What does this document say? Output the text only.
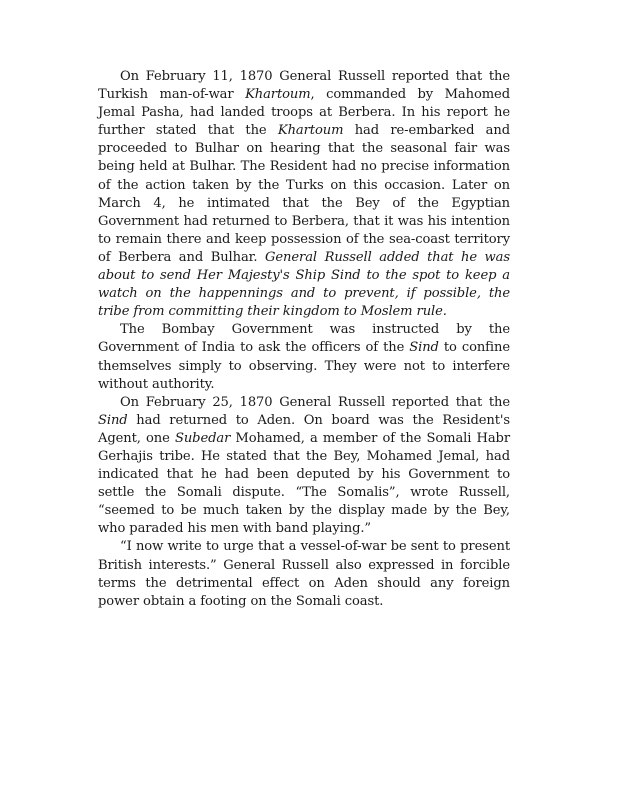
On February 11, 1870 General Russell reported that the Turkish man-of-war Khartoum, commanded by Mahomed Jemal Pasha, had landed troops at Berbera. In his report he further stated that the Khartoum had re-embarked and proceeded to Bulhar on hearing that the seasonal fair was being held at Bulhar. The Resident had no precise information of the action taken by the Turks on this occasion. Later on March 4, he intimated that the Bey of the Egyptian Government had returned to Berbera, that it was his intention to remain there and keep possession of the sea-coast territory of Berbera and Bulhar. General Russell added that he was about to send Her Majesty's Ship Sind to the spot to keep a watch on the happennings and to prevent, if possible, the tribe from committing their kingdom to Moslem rule.

The Bombay Government was instructed by the Government of India to ask the officers of the Sind to confine themselves simply to observing. They were not to interfere without authority.

On February 25, 1870 General Russell reported that the Sind had returned to Aden. On board was the Resident's Agent, one Subedar Mohamed, a member of the Somali Habr Gerhajis tribe. He stated that the Bey, Mohamed Jemal, had indicated that he had been deputed by his Government to settle the Somali dispute. “The Somalis”, wrote Russell, “seemed to be much taken by the display made by the Bey, who paraded his men with band playing.”

“I now write to urge that a vessel-of-war be sent to present British interests.” General Russell also expressed in forcible terms the detrimental effect on Aden should any foreign power obtain a footing on the Somali coast.
